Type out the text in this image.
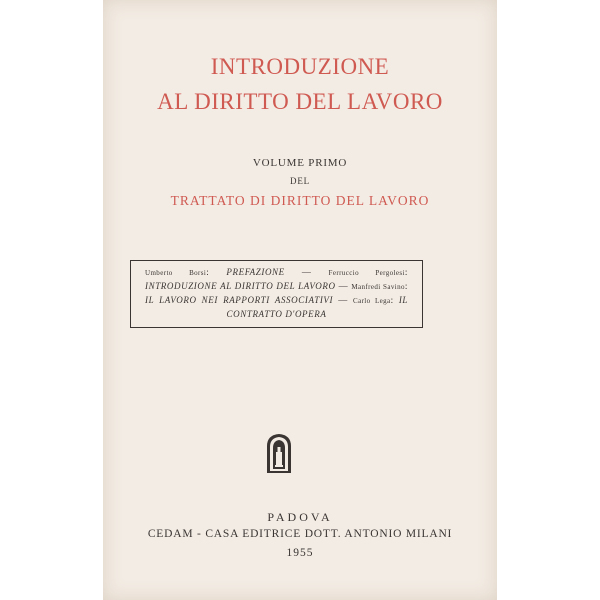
INTRODUZIONE
AL DIRITTO DEL LAVORO
VOLUME PRIMO
DEL
TRATTATO DI DIRITTO DEL LAVORO

Umberto Borsi: PREFAZIONE — Ferruccio Pergolesi: INTRODUZIONE AL DIRITTO DEL LAVORO — Manfredi Savino: IL LAVORO NEI RAPPORTI ASSOCIATIVI — Carlo Lega: IL CONTRATTO D'OPERA

PADOVA
CEDAM - CASA EDITRICE DOTT. ANTONIO MILANI
1955
